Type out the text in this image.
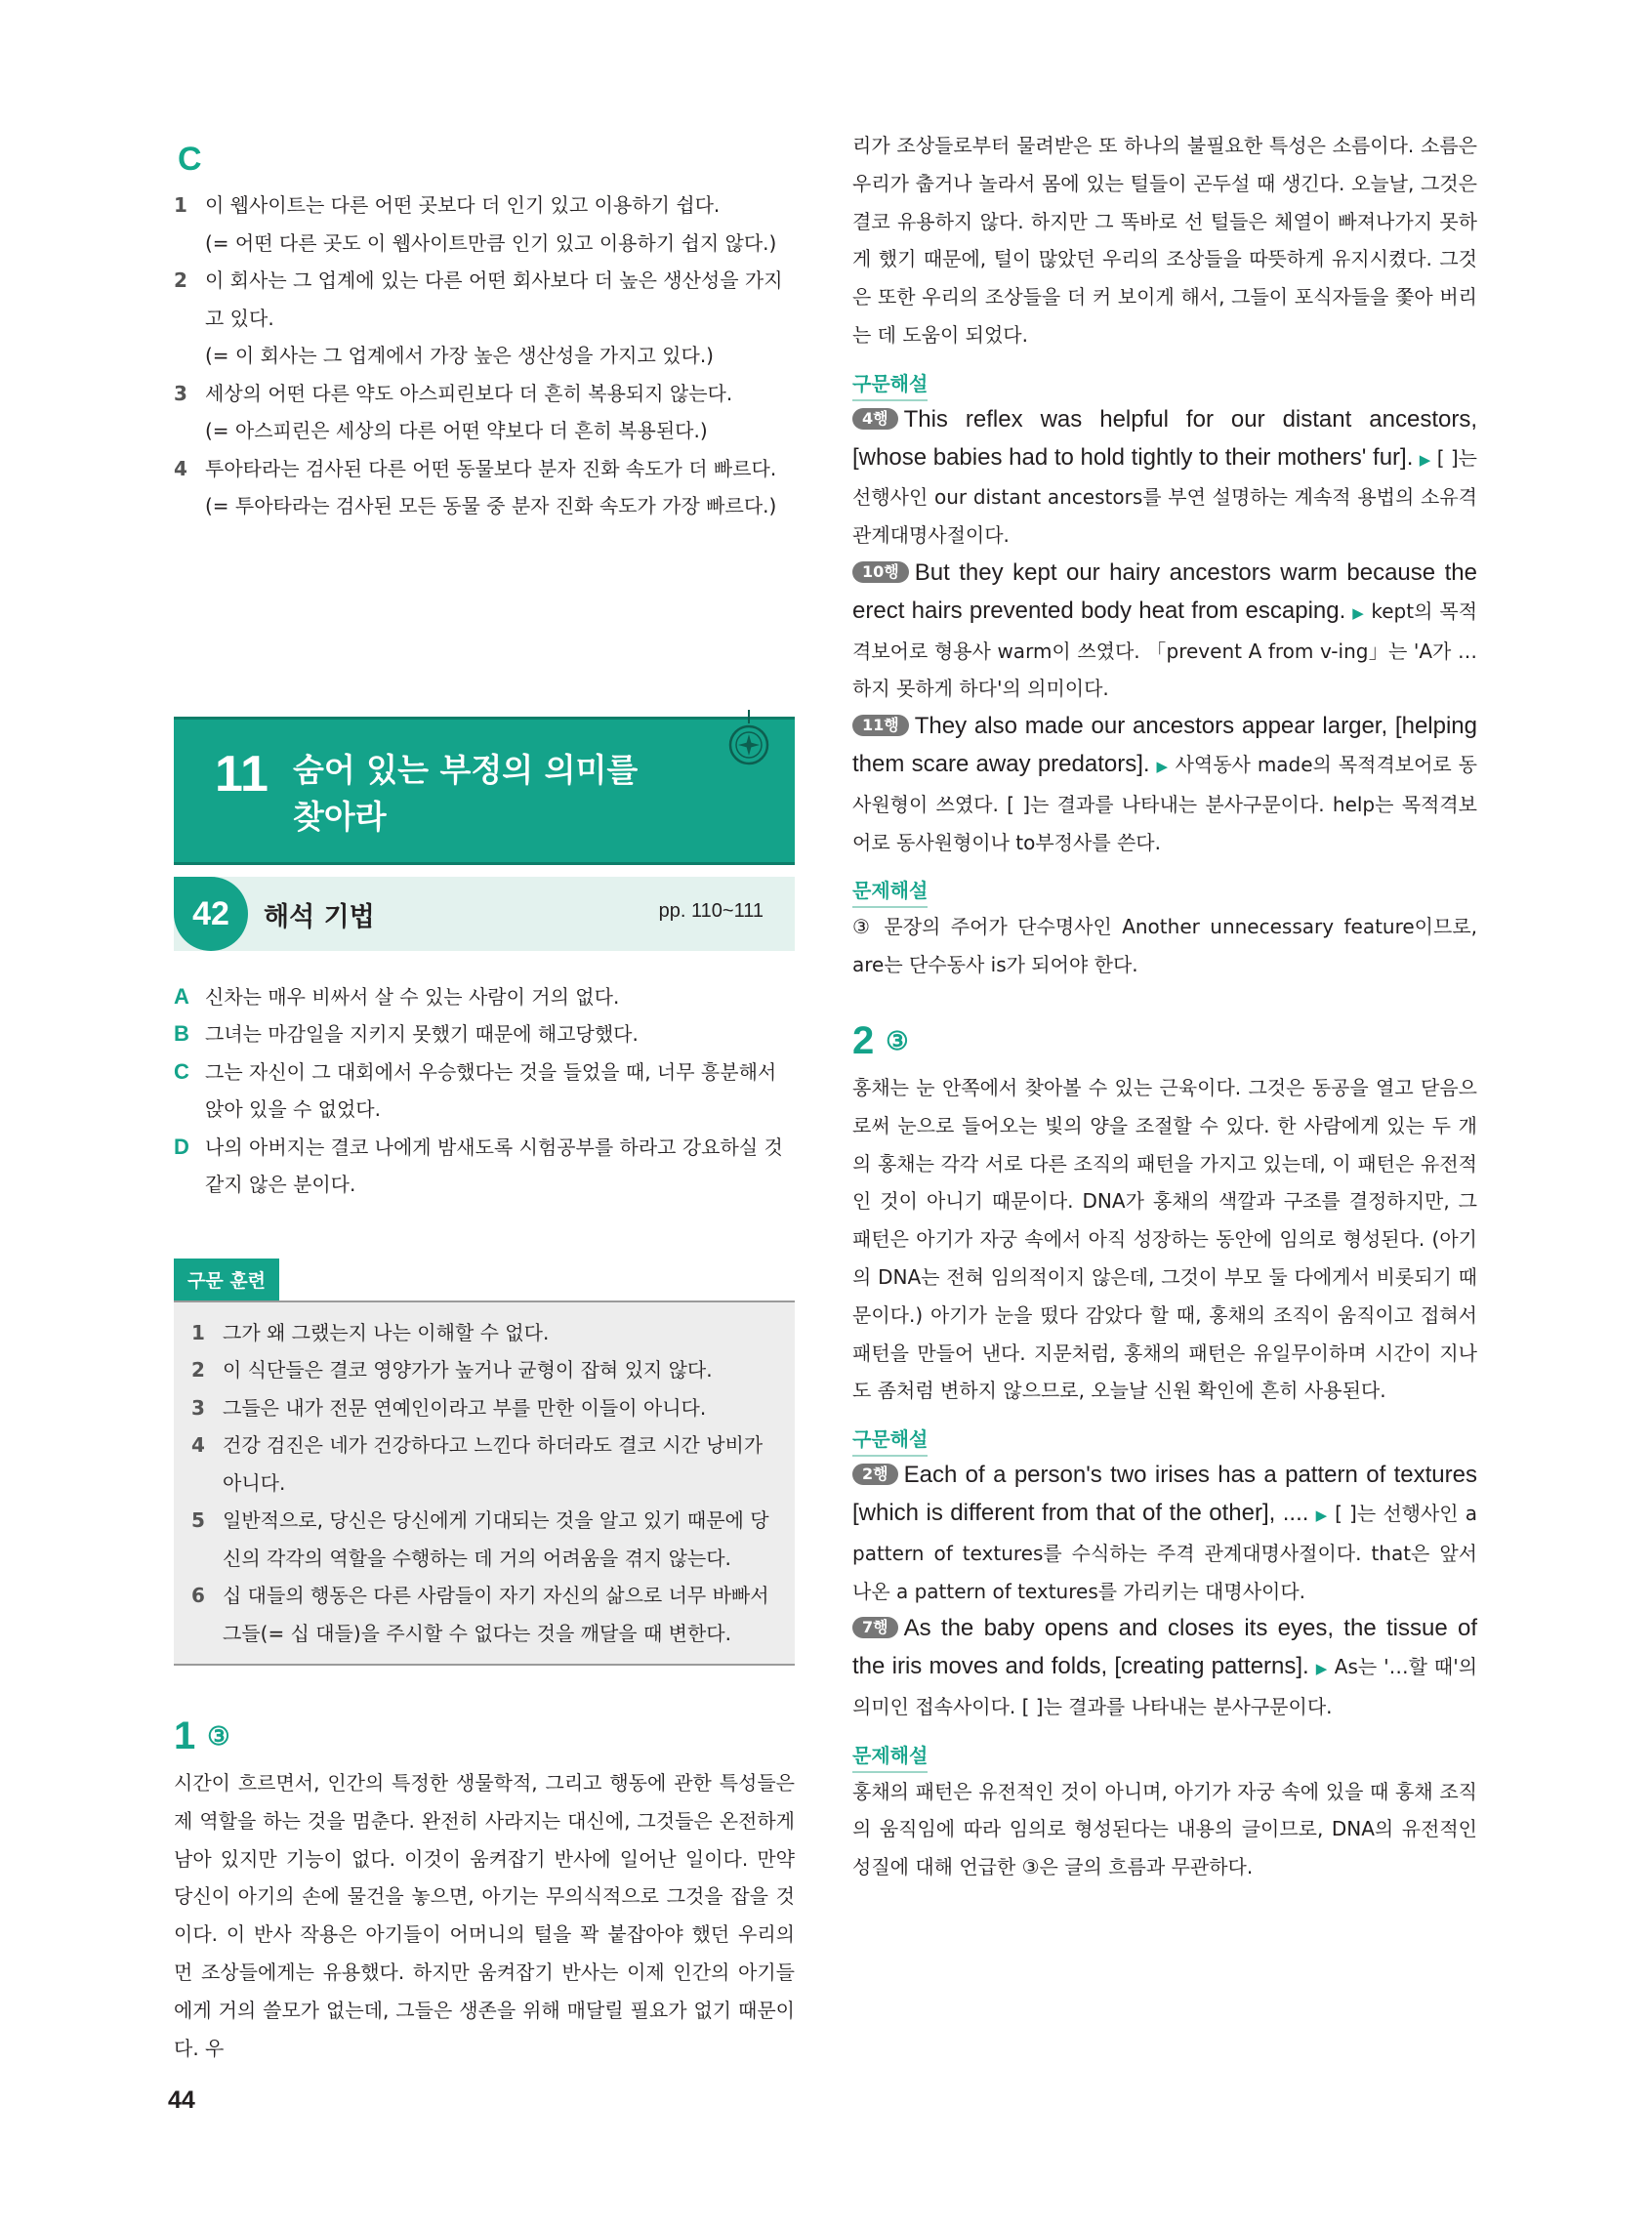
C
1 이 웹사이트는 다른 어떤 곳보다 더 인기 있고 이용하기 쉽다.
(= 어떤 다른 곳도 이 웹사이트만큼 인기 있고 이용하기 쉽지 않다.)
2 이 회사는 그 업계에 있는 다른 어떤 회사보다 더 높은 생산성을 가지고 있다.
(= 이 회사는 그 업계에서 가장 높은 생산성을 가지고 있다.)
3 세상의 어떤 다른 약도 아스피린보다 더 흔히 복용되지 않는다.
(= 아스피린은 세상의 다른 어떤 약보다 더 흔히 복용된다.)
4 투아타라는 검사된 다른 어떤 동물보다 분자 진화 속도가 더 빠르다.
(= 투아타라는 검사된 모든 동물 중 분자 진화 속도가 가장 빠르다.)
11 숨어 있는 부정의 의미를
찾아라
42	해석 기법	pp. 110~111
A 신차는 매우 비싸서 살 수 있는 사람이 거의 없다.
B 그녀는 마감일을 지키지 못했기 때문에 해고당했다.
C 그는 자신이 그 대회에서 우승했다는 것을 들었을 때, 너무 흥분해서 앉아 있을 수 없었다.
D 나의 아버지는 결코 나에게 밤새도록 시험공부를 하라고 강요하실 것 같지 않은 분이다.
구문 훈련
1 그가 왜 그랬는지 나는 이해할 수 없다.
2 이 식단들은 결코 영양가가 높거나 균형이 잡혀 있지 않다.
3 그들은 내가 전문 연예인이라고 부를 만한 이들이 아니다.
4 건강 검진은 네가 건강하다고 느낀다 하더라도 결코 시간 낭비가 아니다.
5 일반적으로, 당신은 당신에게 기대되는 것을 알고 있기 때문에 당신의 각각의 역할을 수행하는 데 거의 어려움을 겪지 않는다.
6 십 대들의 행동은 다른 사람들이 자기 자신의 삶으로 너무 바빠서 그들(= 십 대들)을 주시할 수 없다는 것을 깨달을 때 변한다.
1 ③
시간이 흐르면서, 인간의 특정한 생물학적, 그리고 행동에 관한 특성들은 제 역할을 하는 것을 멈춘다. 완전히 사라지는 대신에, 그것들은 온전하게 남아 있지만 기능이 없다. 이것이 움켜잡기 반사에 일어난 일이다. 만약 당신이 아기의 손에 물건을 놓으면, 아기는 무의식적으로 그것을 잡을 것이다. 이 반사 작용은 아기들이 어머니의 털을 꽉 붙잡아야 했던 우리의 먼 조상들에게는 유용했다. 하지만 움켜잡기 반사는 이제 인간의 아기들에게 거의 쓸모가 없는데, 그들은 생존을 위해 매달릴 필요가 없기 때문이다. 우
리가 조상들로부터 물려받은 또 하나의 불필요한 특성은 소름이다. 소름은 우리가 춥거나 놀라서 몸에 있는 털들이 곤두설 때 생긴다. 오늘날, 그것은 결코 유용하지 않다. 하지만 그 똑바로 선 털들은 체열이 빠져나가지 못하게 했기 때문에, 털이 많았던 우리의 조상들을 따뜻하게 유지시켰다. 그것은 또한 우리의 조상들을 더 커 보이게 해서, 그들이 포식자들을 쫓아 버리는 데 도움이 되었다.
구문해설
4행 This reflex was helpful for our distant ancestors, [whose babies had to hold tightly to their mothers' fur]. ▶ [ ]는 선행사인 our distant ancestors를 부연 설명하는 계속적 용법의 소유격 관계대명사절이다.
10행 But they kept our hairy ancestors warm because the erect hairs prevented body heat from escaping. ▶ kept의 목적격보어로 형용사 warm이 쓰였다. 「prevent A from v-ing」는 'A가 …하지 못하게 하다'의 의미이다.
11행 They also made our ancestors appear larger, [helping them scare away predators]. ▶ 사역동사 made의 목적격보어로 동사원형이 쓰였다. [ ]는 결과를 나타내는 분사구문이다. help는 목적격보어로 동사원형이나 to부정사를 쓴다.
문제해설
③ 문장의 주어가 단수명사인 Another unnecessary feature이므로, are는 단수동사 is가 되어야 한다.
2 ③
홍채는 눈 안쪽에서 찾아볼 수 있는 근육이다. 그것은 동공을 열고 닫음으로써 눈으로 들어오는 빛의 양을 조절할 수 있다. 한 사람에게 있는 두 개의 홍채는 각각 서로 다른 조직의 패턴을 가지고 있는데, 이 패턴은 유전적인 것이 아니기 때문이다. DNA가 홍채의 색깔과 구조를 결정하지만, 그 패턴은 아기가 자궁 속에서 아직 성장하는 동안에 임의로 형성된다. (아기의 DNA는 전혀 임의적이지 않은데, 그것이 부모 둘 다에게서 비롯되기 때문이다.) 아기가 눈을 떴다 감았다 할 때, 홍채의 조직이 움직이고 접혀서 패턴을 만들어 낸다. 지문처럼, 홍채의 패턴은 유일무이하며 시간이 지나도 좀처럼 변하지 않으므로, 오늘날 신원 확인에 흔히 사용된다.
구문해설
2행 Each of a person's two irises has a pattern of textures [which is different from that of the other], .... ▶ [ ]는 선행사인 a pattern of textures를 수식하는 주격 관계대명사절이다. that은 앞서 나온 a pattern of textures를 가리키는 대명사이다.
7행 As the baby opens and closes its eyes, the tissue of the iris moves and folds, [creating patterns]. ▶ As는 '…할 때'의 의미인 접속사이다. [ ]는 결과를 나타내는 분사구문이다.
문제해설
홍채의 패턴은 유전적인 것이 아니며, 아기가 자궁 속에 있을 때 홍채 조직의 움직임에 따라 임의로 형성된다는 내용의 글이므로, DNA의 유전적인 성질에 대해 언급한 ③은 글의 흐름과 무관하다.
44
